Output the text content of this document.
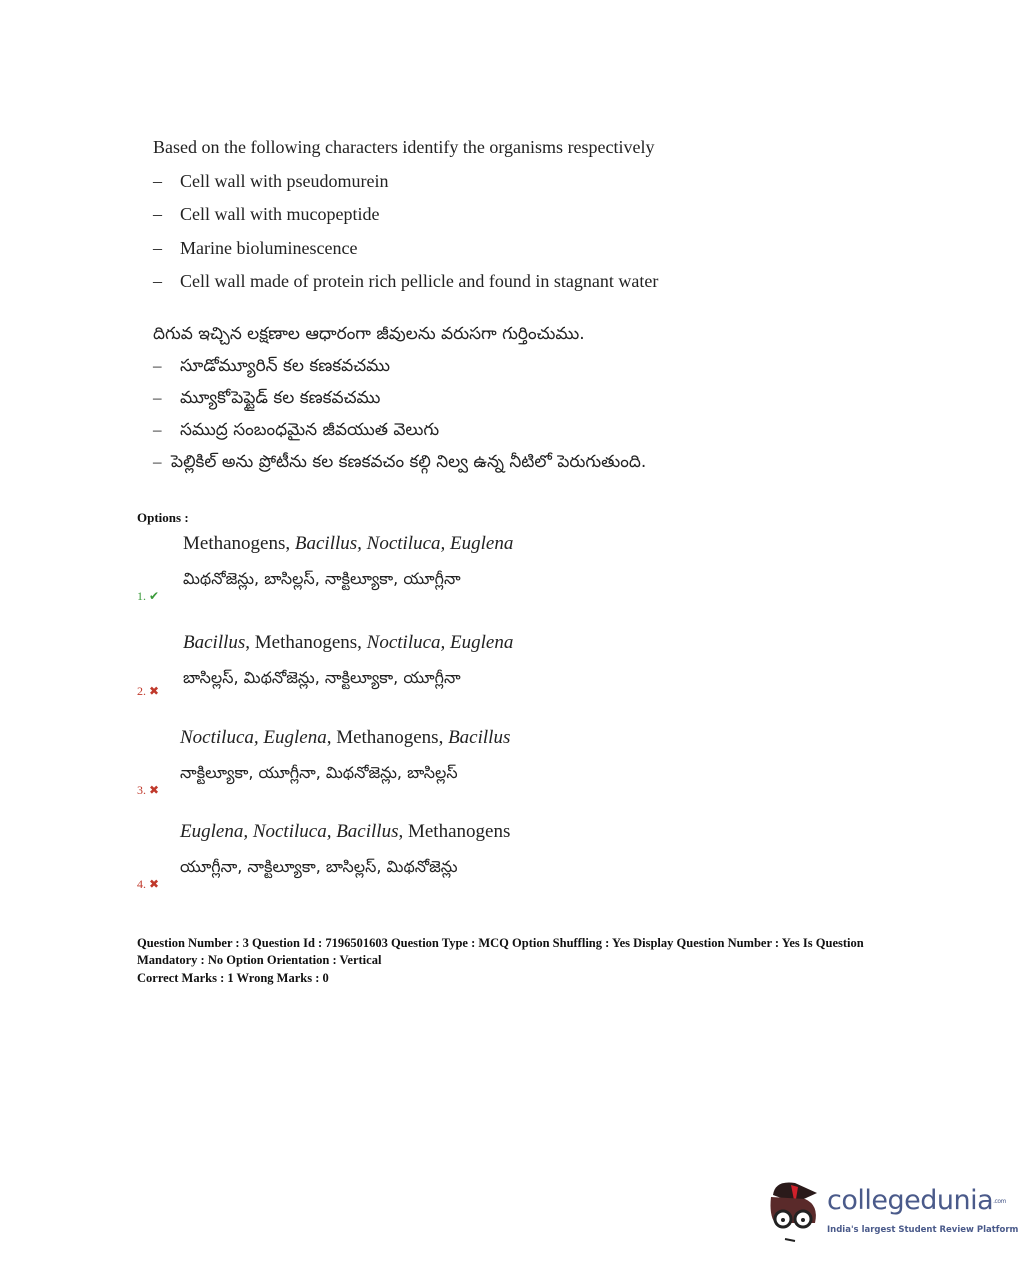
Based on the following characters identify the organisms respectively
– Cell wall with pseudomurein
– Cell wall with mucopeptide
– Marine bioluminescence
– Cell wall made of protein rich pellicle and found in stagnant water
దిగువ ఇచ్చిన లక్షణాల ఆధారంగా జీవులను వరుసగా గుర్తించుము.
– సూడోమ్యూరిన్ కల కణకవచము
– మ్యూకోపెప్టైడ్ కల కణకవచము
– సముద్ర సంబంధమైన జీవయుత వెలుగు
– పెల్లికిల్ అను ప్రోటీను కల కణకవచం కల్గి నిల్వ ఉన్న నీటిలో పెరుగుతుంది.
Options :
Methanogens, Bacillus, Noctiluca, Euglena
మిథనోజెన్లు, బాసిల్లస్, నాక్టిల్యూకా, యూగ్లీనా
1. ✔
Bacillus, Methanogens, Noctiluca, Euglena
బాసిల్లస్, మిథనోజెన్లు, నాక్టిల్యూకా, యూగ్లీనా
2. ✖
Noctiluca, Euglena, Methanogens, Bacillus
నాక్టిల్యూకా, యూగ్లీనా, మిథనోజెన్లు, బాసిల్లస్
3. ✖
Euglena, Noctiluca, Bacillus, Methanogens
యూగ్లీనా, నాక్టిల్యూకా, బాసిల్లస్, మిథనోజెన్లు
4. ✖
Question Number : 3 Question Id : 7196501603 Question Type : MCQ Option Shuffling : Yes Display Question Number : Yes Is Question Mandatory : No Option Orientation : Vertical
Correct Marks : 1 Wrong Marks : 0
collegedunia.com
India's largest Student Review Platform
